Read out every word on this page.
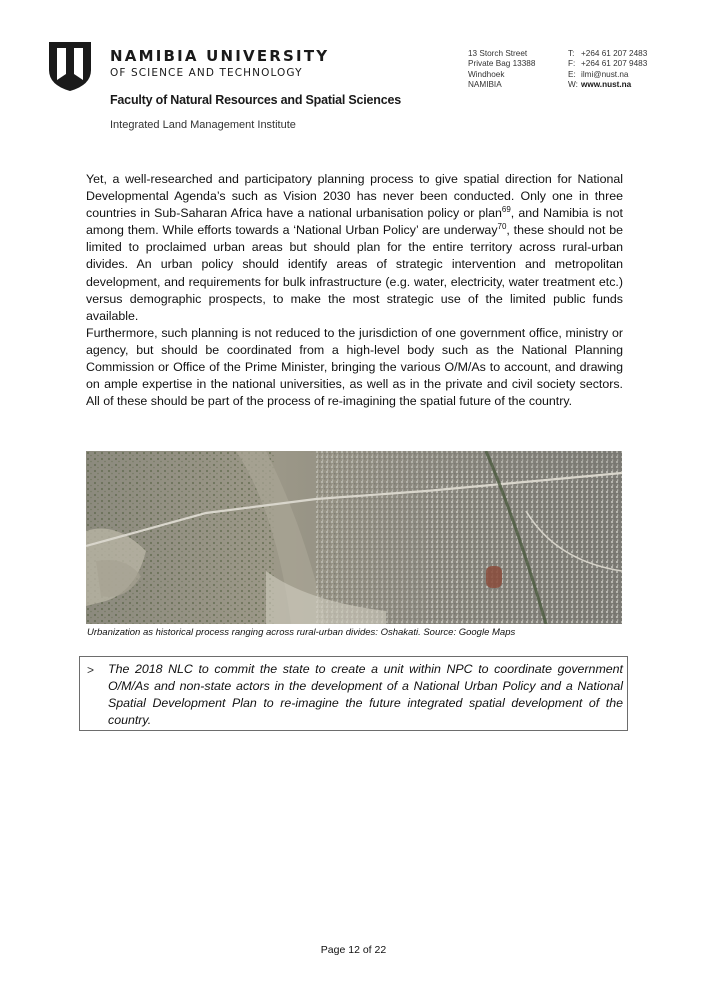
NAMIBIA UNIVERSITY
OF SCIENCE AND TECHNOLOGY
Faculty of Natural Resources and Spatial Sciences
Integrated Land Management Institute
13 Storch Street
Private Bag 13388
Windhoek
NAMIBIA
T: +264 61 207 2483
F: +264 61 207 9483
E: ilmi@nust.na
W: www.nust.na

Yet, a well-researched and participatory planning process to give spatial direction for National Developmental Agenda’s such as Vision 2030 has never been conducted. Only one in three countries in Sub-Saharan Africa have a national urbanisation policy or plan$^{69}$, and Namibia is not among them. While efforts towards a ‘National Urban Policy’ are underway$^{70}$, these should not be limited to proclaimed urban areas but should plan for the entire territory across rural-urban divides. An urban policy should identify areas of strategic intervention and metropolitan development, and requirements for bulk infrastructure (e.g. water, electricity, water treatment etc.) versus demographic prospects, to make the most strategic use of the limited public funds available.

Furthermore, such planning is not reduced to the jurisdiction of one government office, ministry or agency, but should be coordinated from a high-level body such as the National Planning Commission or Office of the Prime Minister, bringing the various O/M/As to account, and drawing on ample expertise in the national universities, as well as in the private and civil society sectors. All of these should be part of the process of re-imagining the spatial future of the country.

Urbanization as historical process ranging across rural-urban divides: Oshakati. Source: Google Maps
> The 2018 NLC to commit the state to create a unit within NPC to coordinate government O/M/As and non-state actors in the development of a National Urban Policy and a National Spatial Development Plan to re-imagine the future integrated spatial development of the country.
Page 12 of 22
